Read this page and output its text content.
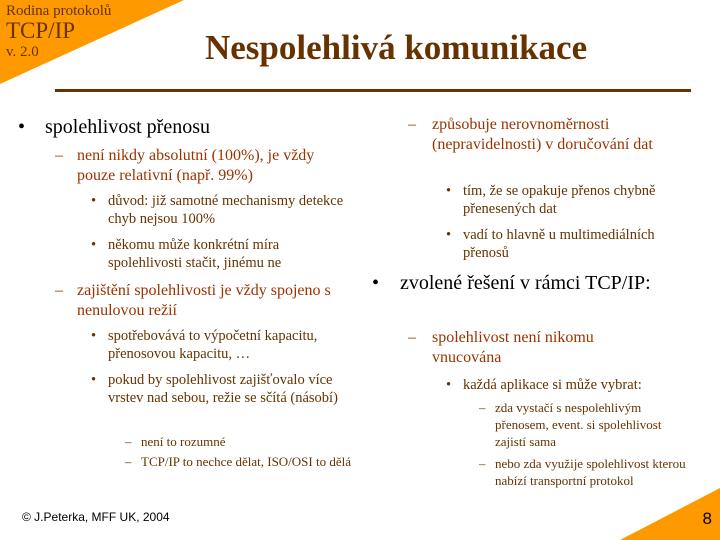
Rodina protokolů
TCP/IP
v. 2.0	Nespolehlivá komunikace
• spolehlivost přenosu

– není nikdy absolutní (100%), je vždy pouze relativní (např. 99%)

• důvod: již samotné mechanismy detekce chyb nejsou 100%

• někomu může konkrétní míra spolehlivosti stačit, jinému ne

– zajištění spolehlivosti je vždy spojeno s nenulovou režií

• spotřebovává to výpočetní kapacitu, přenosovou kapacitu, …

• pokud by spolehlivost zajišťovalo více vrstev nad sebou, režie se sčítá (násobí)

– není to rozumné

– TCP/IP to nechce dělat, ISO/OSI to dělá

– způsobuje nerovnoměrnosti (nepravidelnosti) v doručování dat

• tím, že se opakuje přenos chybně přenesených dat

• vadí to hlavně u multimediálních přenosů

• zvolené řešení v rámci TCP/IP:

– spolehlivost není nikomu vnucována

• každá aplikace si může vybrat:

– zda vystačí s nespolehlivým přenosem, event. si spolehlivost zajistí sama

– nebo zda využije spolehlivost kterou nabízí transportní protokol

© J.Peterka, MFF UK, 2004	8
